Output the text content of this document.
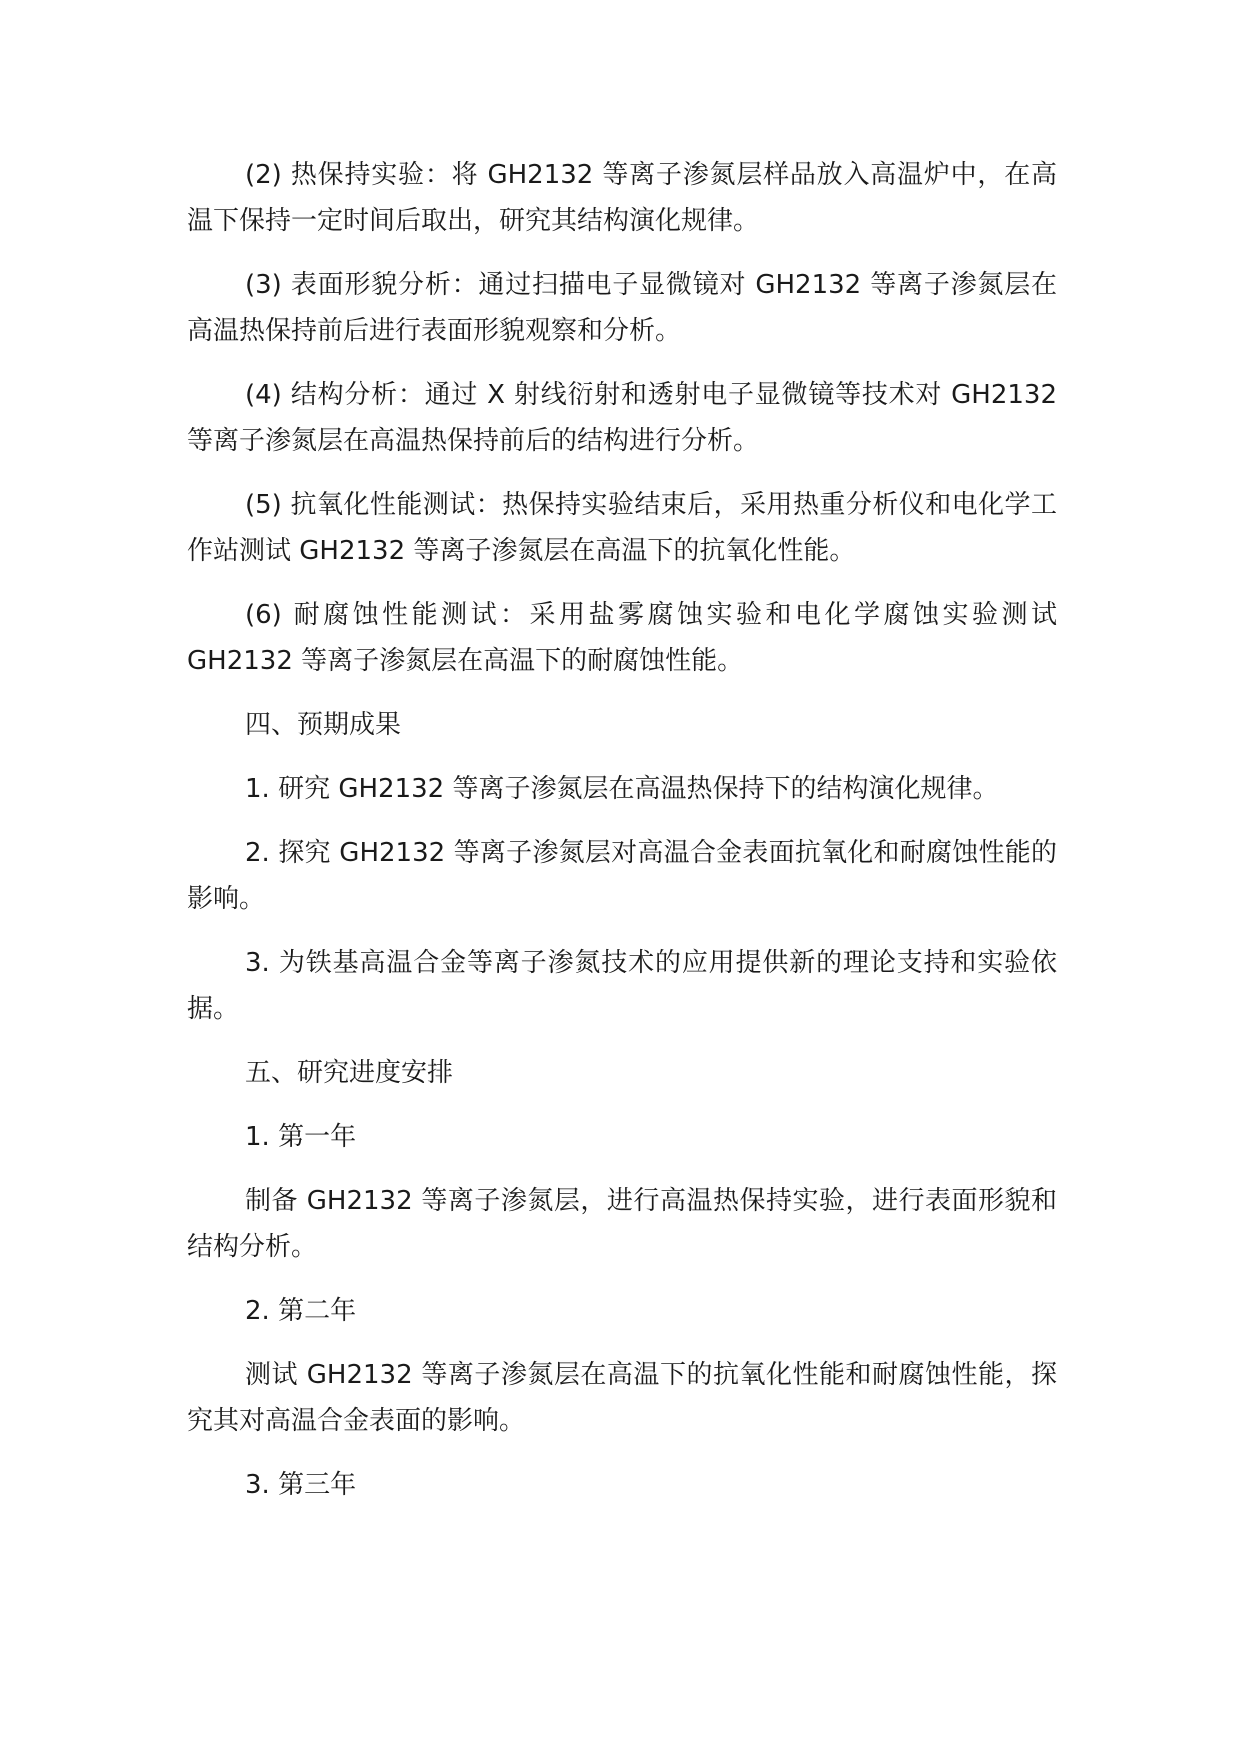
(2) 热保持实验：将 GH2132 等离子渗氮层样品放入高温炉中，在高温下保持一定时间后取出，研究其结构演化规律。

(3) 表面形貌分析：通过扫描电子显微镜对 GH2132 等离子渗氮层在高温热保持前后进行表面形貌观察和分析。

(4) 结构分析：通过 X 射线衍射和透射电子显微镜等技术对 GH2132 等离子渗氮层在高温热保持前后的结构进行分析。

(5) 抗氧化性能测试：热保持实验结束后，采用热重分析仪和电化学工作站测试 GH2132 等离子渗氮层在高温下的抗氧化性能。

(6) 耐腐蚀性能测试：采用盐雾腐蚀实验和电化学腐蚀实验测试 GH2132 等离子渗氮层在高温下的耐腐蚀性能。

四、预期成果

1. 研究 GH2132 等离子渗氮层在高温热保持下的结构演化规律。

2. 探究 GH2132 等离子渗氮层对高温合金表面抗氧化和耐腐蚀性能的影响。

3. 为铁基高温合金等离子渗氮技术的应用提供新的理论支持和实验依据。

五、研究进度安排

1. 第一年

制备 GH2132 等离子渗氮层，进行高温热保持实验，进行表面形貌和结构分析。

2. 第二年

测试 GH2132 等离子渗氮层在高温下的抗氧化性能和耐腐蚀性能，探究其对高温合金表面的影响。

3. 第三年
